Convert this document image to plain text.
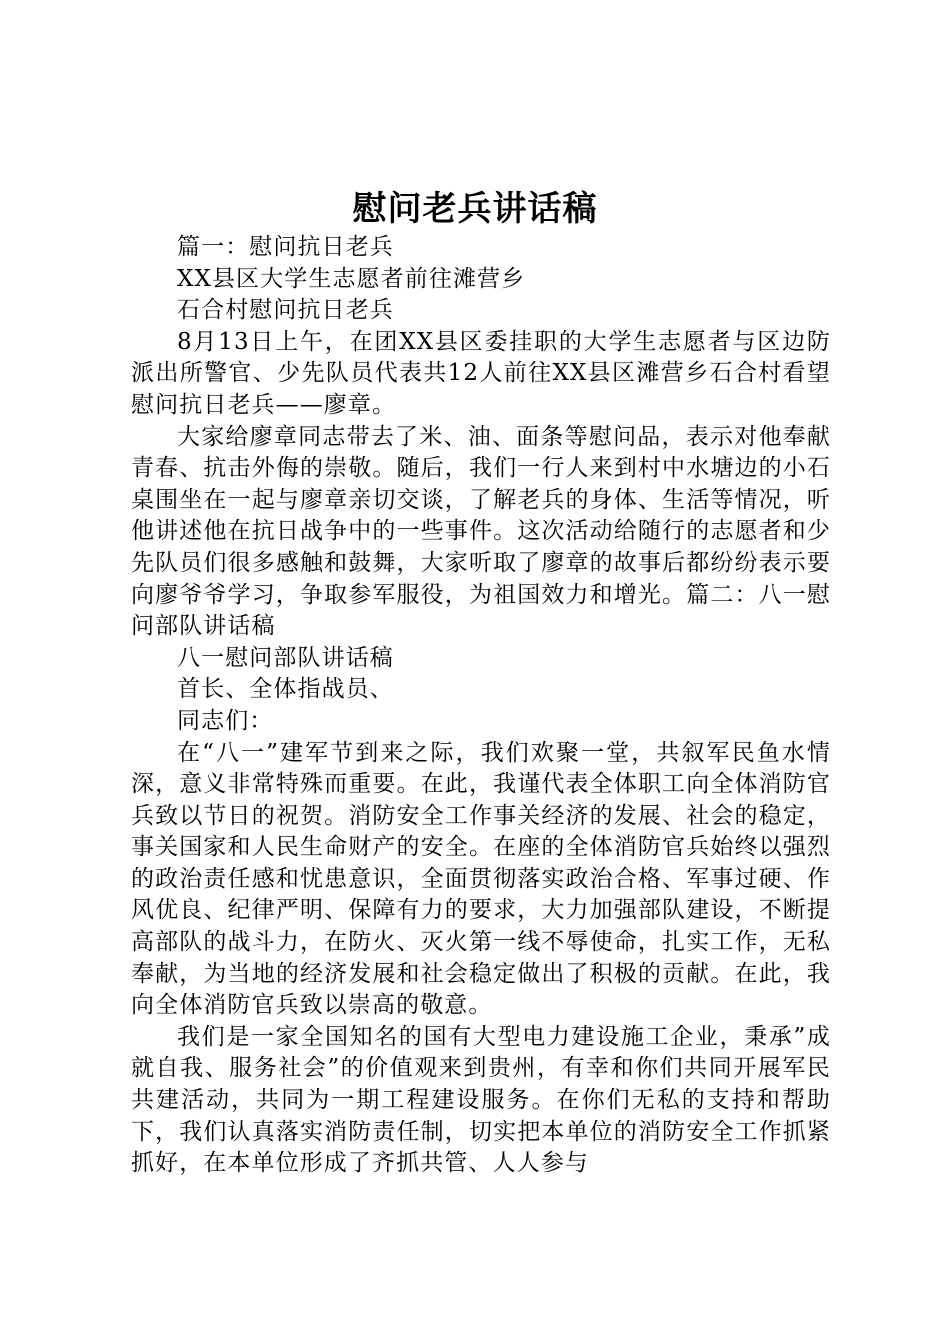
慰问老兵讲话稿

篇一：慰问抗日老兵

XX县区大学生志愿者前往滩营乡

石合村慰问抗日老兵

8月13日上午，在团XX县区委挂职的大学生志愿者与区边防派出所警官、少先队员代表共12人前往XX县区滩营乡石合村看望慰问抗日老兵——廖章。

大家给廖章同志带去了米、油、面条等慰问品，表示对他奉献青春、抗击外侮的崇敬。随后，我们一行人来到村中水塘边的小石桌围坐在一起与廖章亲切交谈，了解老兵的身体、生活等情况，听他讲述他在抗日战争中的一些事件。这次活动给随行的志愿者和少先队员们很多感触和鼓舞，大家听取了廖章的故事后都纷纷表示要向廖爷爷学习，争取参军服役，为祖国效力和增光。篇二：八一慰问部队讲话稿

八一慰问部队讲话稿

首长、全体指战员、

同志们：

在“八一”建军节到来之际，我们欢聚一堂，共叙军民鱼水情深，意义非常特殊而重要。在此，我谨代表全体职工向全体消防官兵致以节日的祝贺。消防安全工作事关经济的发展、社会的稳定，事关国家和人民生命财产的安全。在座的全体消防官兵始终以强烈的政治责任感和忧患意识，全面贯彻落实政治合格、军事过硬、作风优良、纪律严明、保障有力的要求，大力加强部队建设，不断提高部队的战斗力，在防火、灭火第一线不辱使命，扎实工作，无私奉献，为当地的经济发展和社会稳定做出了积极的贡献。在此，我向全体消防官兵致以崇高的敬意。

我们是一家全国知名的国有大型电力建设施工企业，秉承”成就自我、服务社会”的价值观来到贵州，有幸和你们共同开展军民共建活动，共同为一期工程建设服务。在你们无私的支持和帮助下，我们认真落实消防责任制，切实把本单位的消防安全工作抓紧抓好，在本单位形成了齐抓共管、人人参与
